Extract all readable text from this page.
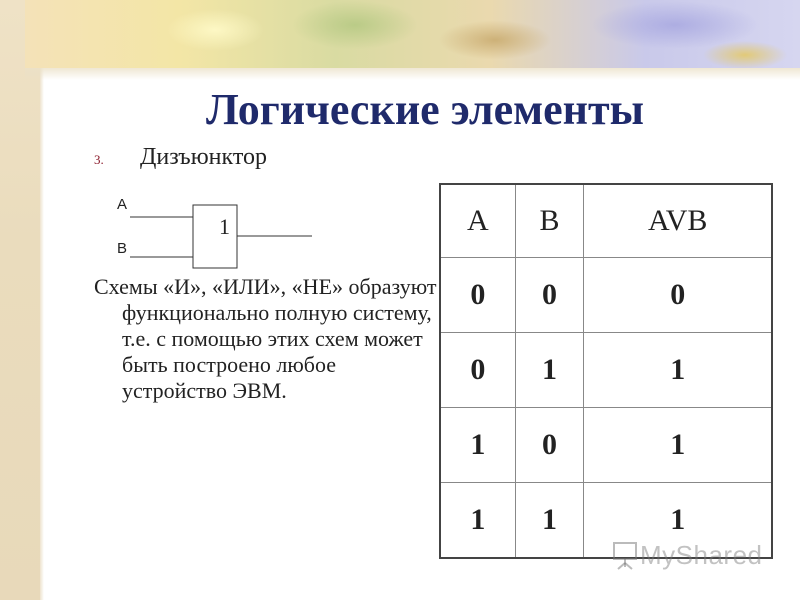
Логические элементы
3. Дизъюнктор
А
В
1
Схемы «И», «ИЛИ», «НЕ» образуют функционально полную систему, т.е. с помощью этих схем может быть построено любое устройство ЭВМ.
A	B	AVB
0	0	0
0	1	1
1	0	1
1	1	1
MyShared
